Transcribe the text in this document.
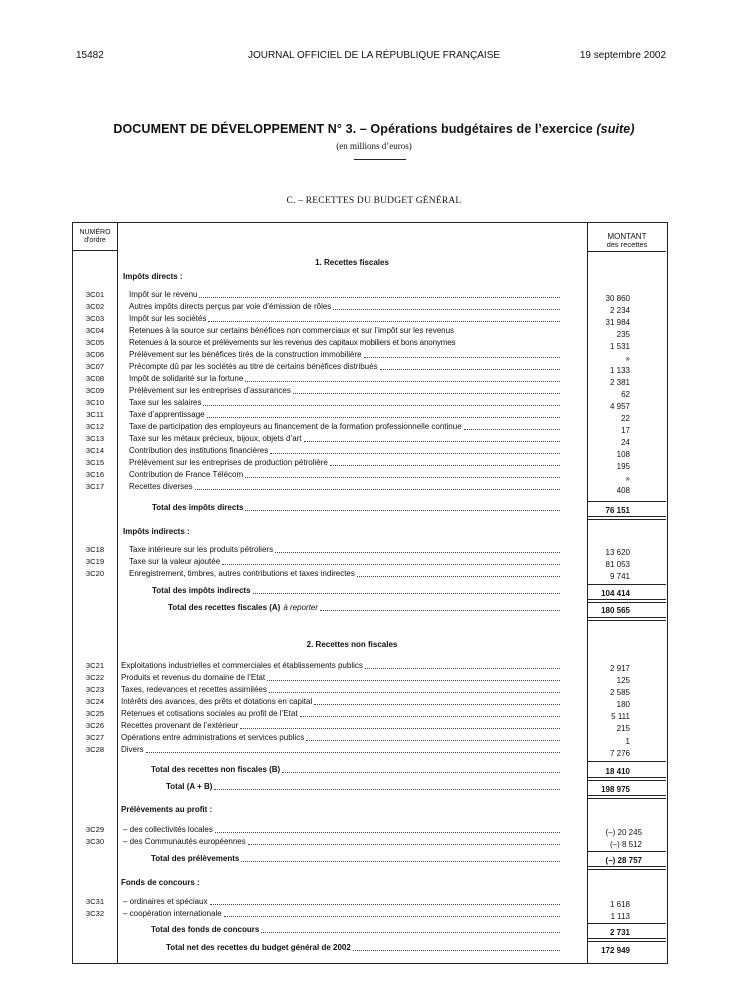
15482	JOURNAL OFFICIEL DE LA RÉPUBLIQUE FRANÇAISE	19 septembre 2002
DOCUMENT DE DÉVELOPPEMENT N° 3. – Opérations budgétaires de l’exercice (suite)
(en millions d’euros)
C. – RECETTES DU BUDGET GÉNÉRAL
NUMÉRO
d'ordre	MONTANT
des recettes
1. Recettes fiscales
Impôts directs :
3C01	Impôt sur le revenu	30 860
3C02	Autres impôts directs perçus par voie d’émission de rôles	2 234
3C03	Impôt sur les sociétés	31 984
3C04	Retenues à la source sur certains bénéfices non commerciaux et sur l’impôt sur les revenus	235
3C05	Retenues à la source et prélèvements sur les revenus des capitaux mobiliers et bons anonymes	1 531
3C06	Prélèvement sur les bénéfices tirés de la construction immobilière	»
3C07	Précompte dû par les sociétés au titre de certains bénéfices distribués	1 133
3C08	Impôt de solidarité sur la fortune	2 381
3C09	Prélèvement sur les entreprises d’assurances	62
3C10	Taxe sur les salaires	4 957
3C11	Taxe d’apprentissage	22
3C12	Taxe de participation des employeurs au financement de la formation professionnelle continue	17
3C13	Taxe sur les métaux précieux, bijoux, objets d’art	24
3C14	Contribution des institutions financières	108
3C15	Prélèvement sur les entreprises de production pétrolière	195
3C16	Contribution de France Télécom	»
3C17	Recettes diverses	408
Total des impôts directs	76 151
Impôts indirects :
3C18	Taxe intérieure sur les produits pétroliers	13 620
3C19	Taxe sur la valeur ajoutée	81 053
3C20	Enregistrement, timbres, autres contributions et taxes indirectes	9 741
Total des impôts indirects	104 414
Total des recettes fiscales (A) à reporter	180 565
2. Recettes non fiscales
3C21	Exploitations industrielles et commerciales et établissements publics	2 917
3C22	Produits et revenus du domaine de l’Etat	125
3C23	Taxes, redevances et recettes assimilées	2 585
3C24	Intérêts des avances, des prêts et dotations en capital	180
3C25	Retenues et cotisations sociales au profit de l’Etat	5 111
3C26	Recettes provenant de l’extérieur	215
3C27	Opérations entre administrations et services publics	1
3C28	Divers	7 276
Total des recettes non fiscales (B)	18 410
Total (A + B)	198 975
Prélèvements au profit :
3C29	– des collectivités locales	(–) 20 245
3C30	– des Communautés européennes	(–) 8 512
Total des prélèvements	(–) 28 757
Fonds de concours :
3C31	– ordinaires et spéciaux	1 618
3C32	– coopération internationale	1 113
Total des fonds de concours	2 731
Total net des recettes du budget général de 2002	172 949
